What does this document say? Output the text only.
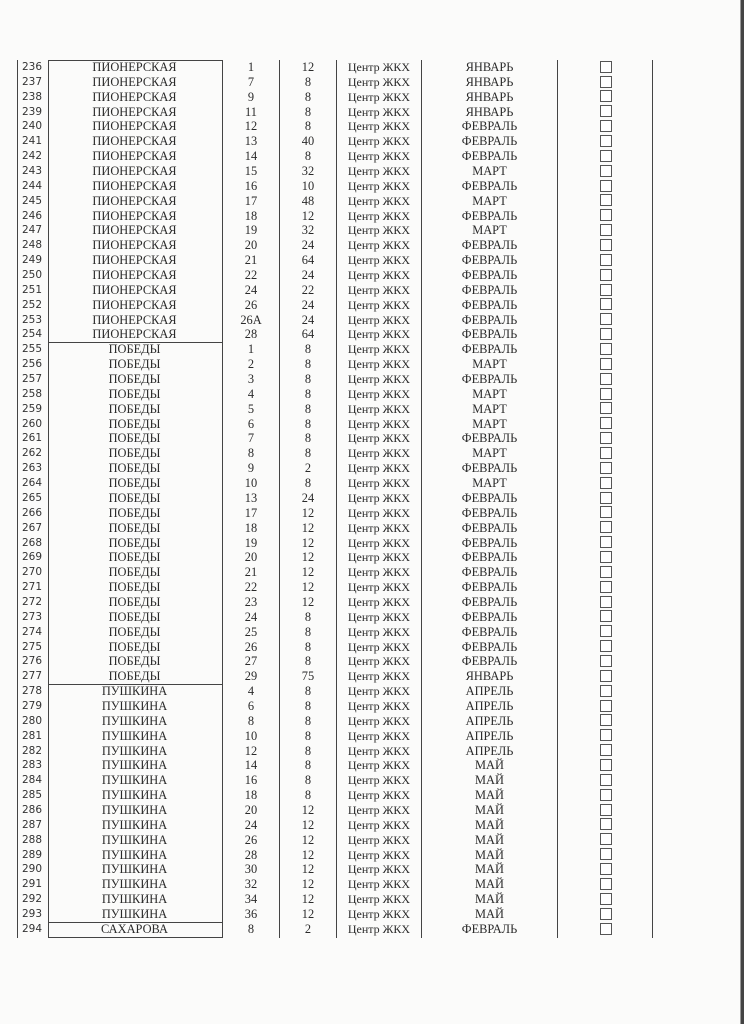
236	ПИОНЕРСКАЯ	1	12	Центр ЖКХ	ЯНВАРЬ
237	ПИОНЕРСКАЯ	7	8	Центр ЖКХ	ЯНВАРЬ
238	ПИОНЕРСКАЯ	9	8	Центр ЖКХ	ЯНВАРЬ
239	ПИОНЕРСКАЯ	11	8	Центр ЖКХ	ЯНВАРЬ
240	ПИОНЕРСКАЯ	12	8	Центр ЖКХ	ФЕВРАЛЬ
241	ПИОНЕРСКАЯ	13	40	Центр ЖКХ	ФЕВРАЛЬ
242	ПИОНЕРСКАЯ	14	8	Центр ЖКХ	ФЕВРАЛЬ
243	ПИОНЕРСКАЯ	15	32	Центр ЖКХ	МАРТ
244	ПИОНЕРСКАЯ	16	10	Центр ЖКХ	ФЕВРАЛЬ
245	ПИОНЕРСКАЯ	17	48	Центр ЖКХ	МАРТ
246	ПИОНЕРСКАЯ	18	12	Центр ЖКХ	ФЕВРАЛЬ
247	ПИОНЕРСКАЯ	19	32	Центр ЖКХ	МАРТ
248	ПИОНЕРСКАЯ	20	24	Центр ЖКХ	ФЕВРАЛЬ
249	ПИОНЕРСКАЯ	21	64	Центр ЖКХ	ФЕВРАЛЬ
250	ПИОНЕРСКАЯ	22	24	Центр ЖКХ	ФЕВРАЛЬ
251	ПИОНЕРСКАЯ	24	22	Центр ЖКХ	ФЕВРАЛЬ
252	ПИОНЕРСКАЯ	26	24	Центр ЖКХ	ФЕВРАЛЬ
253	ПИОНЕРСКАЯ	26А	24	Центр ЖКХ	ФЕВРАЛЬ
254	ПИОНЕРСКАЯ	28	64	Центр ЖКХ	ФЕВРАЛЬ
255	ПОБЕДЫ	1	8	Центр ЖКХ	ФЕВРАЛЬ
256	ПОБЕДЫ	2	8	Центр ЖКХ	МАРТ
257	ПОБЕДЫ	3	8	Центр ЖКХ	ФЕВРАЛЬ
258	ПОБЕДЫ	4	8	Центр ЖКХ	МАРТ
259	ПОБЕДЫ	5	8	Центр ЖКХ	МАРТ
260	ПОБЕДЫ	6	8	Центр ЖКХ	МАРТ
261	ПОБЕДЫ	7	8	Центр ЖКХ	ФЕВРАЛЬ
262	ПОБЕДЫ	8	8	Центр ЖКХ	МАРТ
263	ПОБЕДЫ	9	2	Центр ЖКХ	ФЕВРАЛЬ
264	ПОБЕДЫ	10	8	Центр ЖКХ	МАРТ
265	ПОБЕДЫ	13	24	Центр ЖКХ	ФЕВРАЛЬ
266	ПОБЕДЫ	17	12	Центр ЖКХ	ФЕВРАЛЬ
267	ПОБЕДЫ	18	12	Центр ЖКХ	ФЕВРАЛЬ
268	ПОБЕДЫ	19	12	Центр ЖКХ	ФЕВРАЛЬ
269	ПОБЕДЫ	20	12	Центр ЖКХ	ФЕВРАЛЬ
270	ПОБЕДЫ	21	12	Центр ЖКХ	ФЕВРАЛЬ
271	ПОБЕДЫ	22	12	Центр ЖКХ	ФЕВРАЛЬ
272	ПОБЕДЫ	23	12	Центр ЖКХ	ФЕВРАЛЬ
273	ПОБЕДЫ	24	8	Центр ЖКХ	ФЕВРАЛЬ
274	ПОБЕДЫ	25	8	Центр ЖКХ	ФЕВРАЛЬ
275	ПОБЕДЫ	26	8	Центр ЖКХ	ФЕВРАЛЬ
276	ПОБЕДЫ	27	8	Центр ЖКХ	ФЕВРАЛЬ
277	ПОБЕДЫ	29	75	Центр ЖКХ	ЯНВАРЬ
278	ПУШКИНА	4	8	Центр ЖКХ	АПРЕЛЬ
279	ПУШКИНА	6	8	Центр ЖКХ	АПРЕЛЬ
280	ПУШКИНА	8	8	Центр ЖКХ	АПРЕЛЬ
281	ПУШКИНА	10	8	Центр ЖКХ	АПРЕЛЬ
282	ПУШКИНА	12	8	Центр ЖКХ	АПРЕЛЬ
283	ПУШКИНА	14	8	Центр ЖКХ	МАЙ
284	ПУШКИНА	16	8	Центр ЖКХ	МАЙ
285	ПУШКИНА	18	8	Центр ЖКХ	МАЙ
286	ПУШКИНА	20	12	Центр ЖКХ	МАЙ
287	ПУШКИНА	24	12	Центр ЖКХ	МАЙ
288	ПУШКИНА	26	12	Центр ЖКХ	МАЙ
289	ПУШКИНА	28	12	Центр ЖКХ	МАЙ
290	ПУШКИНА	30	12	Центр ЖКХ	МАЙ
291	ПУШКИНА	32	12	Центр ЖКХ	МАЙ
292	ПУШКИНА	34	12	Центр ЖКХ	МАЙ
293	ПУШКИНА	36	12	Центр ЖКХ	МАЙ
294	САХАРОВА	8	2	Центр ЖКХ	ФЕВРАЛЬ
